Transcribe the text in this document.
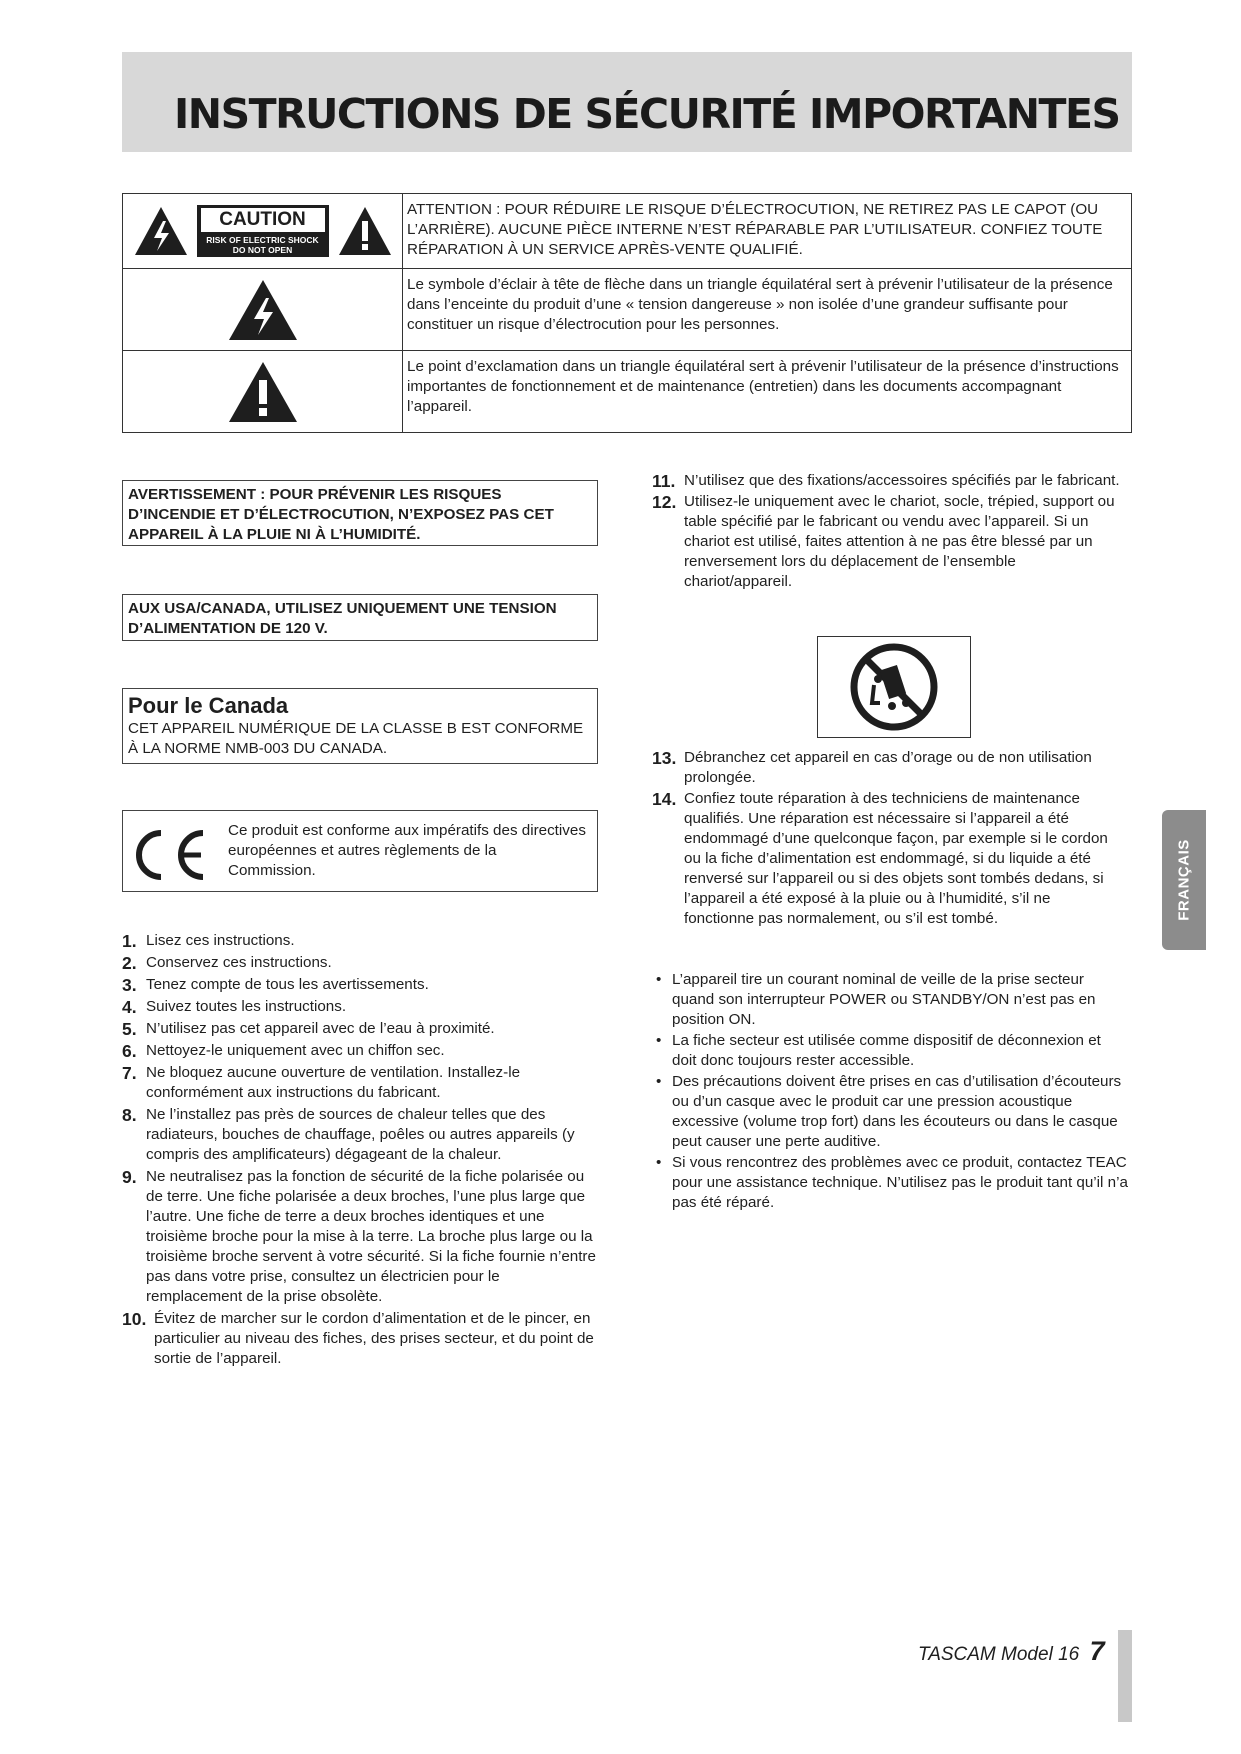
INSTRUCTIONS DE SÉCURITÉ IMPORTANTES
CAUTION
RISK OF ELECTRIC SHOCK
DO NOT OPEN
ATTENTION : POUR RÉDUIRE LE RISQUE D’ÉLECTROCUTION, NE RETIREZ PAS LE CAPOT (OU L’ARRIÈRE). AUCUNE PIÈCE INTERNE N’EST RÉPARABLE PAR L’UTILISATEUR. CONFIEZ TOUTE RÉPARATION À UN SERVICE APRÈS-VENTE QUALIFIÉ.
Le symbole d’éclair à tête de flèche dans un triangle équilatéral sert à prévenir l’utilisateur de la présence dans l’enceinte du produit d’une « tension dangereuse » non isolée d’une grandeur suffisante pour constituer un risque d’électrocution pour les personnes.
Le point d’exclamation dans un triangle équilatéral sert à prévenir l’utilisateur de la présence d’instructions importantes de fonctionnement et de maintenance (entretien) dans les documents accompagnant l’appareil.
AVERTISSEMENT : POUR PRÉVENIR LES RISQUES D’INCENDIE ET D’ÉLECTROCUTION, N’EXPOSEZ PAS CET APPAREIL À LA PLUIE NI À L’HUMIDITÉ.
AUX USA/CANADA, UTILISEZ UNIQUEMENT UNE TENSION D’ALIMENTATION DE 120 V.
Pour le Canada
CET APPAREIL NUMÉRIQUE DE LA CLASSE B EST CONFORME À LA NORME NMB-003 DU CANADA.
Ce produit est conforme aux impératifs des directives européennes et autres règlements de la Commission.
1. Lisez ces instructions.
2. Conservez ces instructions.
3. Tenez compte de tous les avertissements.
4. Suivez toutes les instructions.
5. N’utilisez pas cet appareil avec de l’eau à proximité.
6. Nettoyez-le uniquement avec un chiffon sec.
7. Ne bloquez aucune ouverture de ventilation. Installez-le conformément aux instructions du fabricant.
8. Ne l’installez pas près de sources de chaleur telles que des radiateurs, bouches de chauffage, poêles ou autres appareils (y compris des amplificateurs) dégageant de la chaleur.
9. Ne neutralisez pas la fonction de sécurité de la fiche polarisée ou de terre. Une fiche polarisée a deux broches, l’une plus large que l’autre. Une fiche de terre a deux broches identiques et une troisième broche pour la mise à la terre. La broche plus large ou la troisième broche servent à votre sécurité. Si la fiche fournie n’entre pas dans votre prise, consultez un électricien pour le remplacement de la prise obsolète.
10. Évitez de marcher sur le cordon d’alimentation et de le pincer, en particulier au niveau des fiches, des prises secteur, et du point de sortie de l’appareil.
11. N’utilisez que des fixations/accessoires spécifiés par le fabricant.
12. Utilisez-le uniquement avec le chariot, socle, trépied, support ou table spécifié par le fabricant ou vendu avec l’appareil. Si un chariot est utilisé, faites attention à ne pas être blessé par un renversement lors du déplacement de l’ensemble chariot/appareil.
13. Débranchez cet appareil en cas d’orage ou de non utilisation prolongée.
14. Confiez toute réparation à des techniciens de maintenance qualifiés. Une réparation est nécessaire si l’appareil a été endommagé d’une quelconque façon, par exemple si le cordon ou la fiche d’alimentation est endommagé, si du liquide a été renversé sur l’appareil ou si des objets sont tombés dedans, si l’appareil a été exposé à la pluie ou à l’humidité, s’il ne fonctionne pas normalement, ou s’il est tombé.
• L’appareil tire un courant nominal de veille de la prise secteur quand son interrupteur POWER ou STANDBY/ON n’est pas en position ON.
• La fiche secteur est utilisée comme dispositif de déconnexion et doit donc toujours rester accessible.
• Des précautions doivent être prises en cas d’utilisation d’écouteurs ou d’un casque avec le produit car une pression acoustique excessive (volume trop fort) dans les écouteurs ou dans le casque peut causer une perte auditive.
• Si vous rencontrez des problèmes avec ce produit, contactez TEAC pour une assistance technique. N’utilisez pas le produit tant qu’il n’a pas été réparé.
FRANÇAIS
TASCAM Model 16 7
